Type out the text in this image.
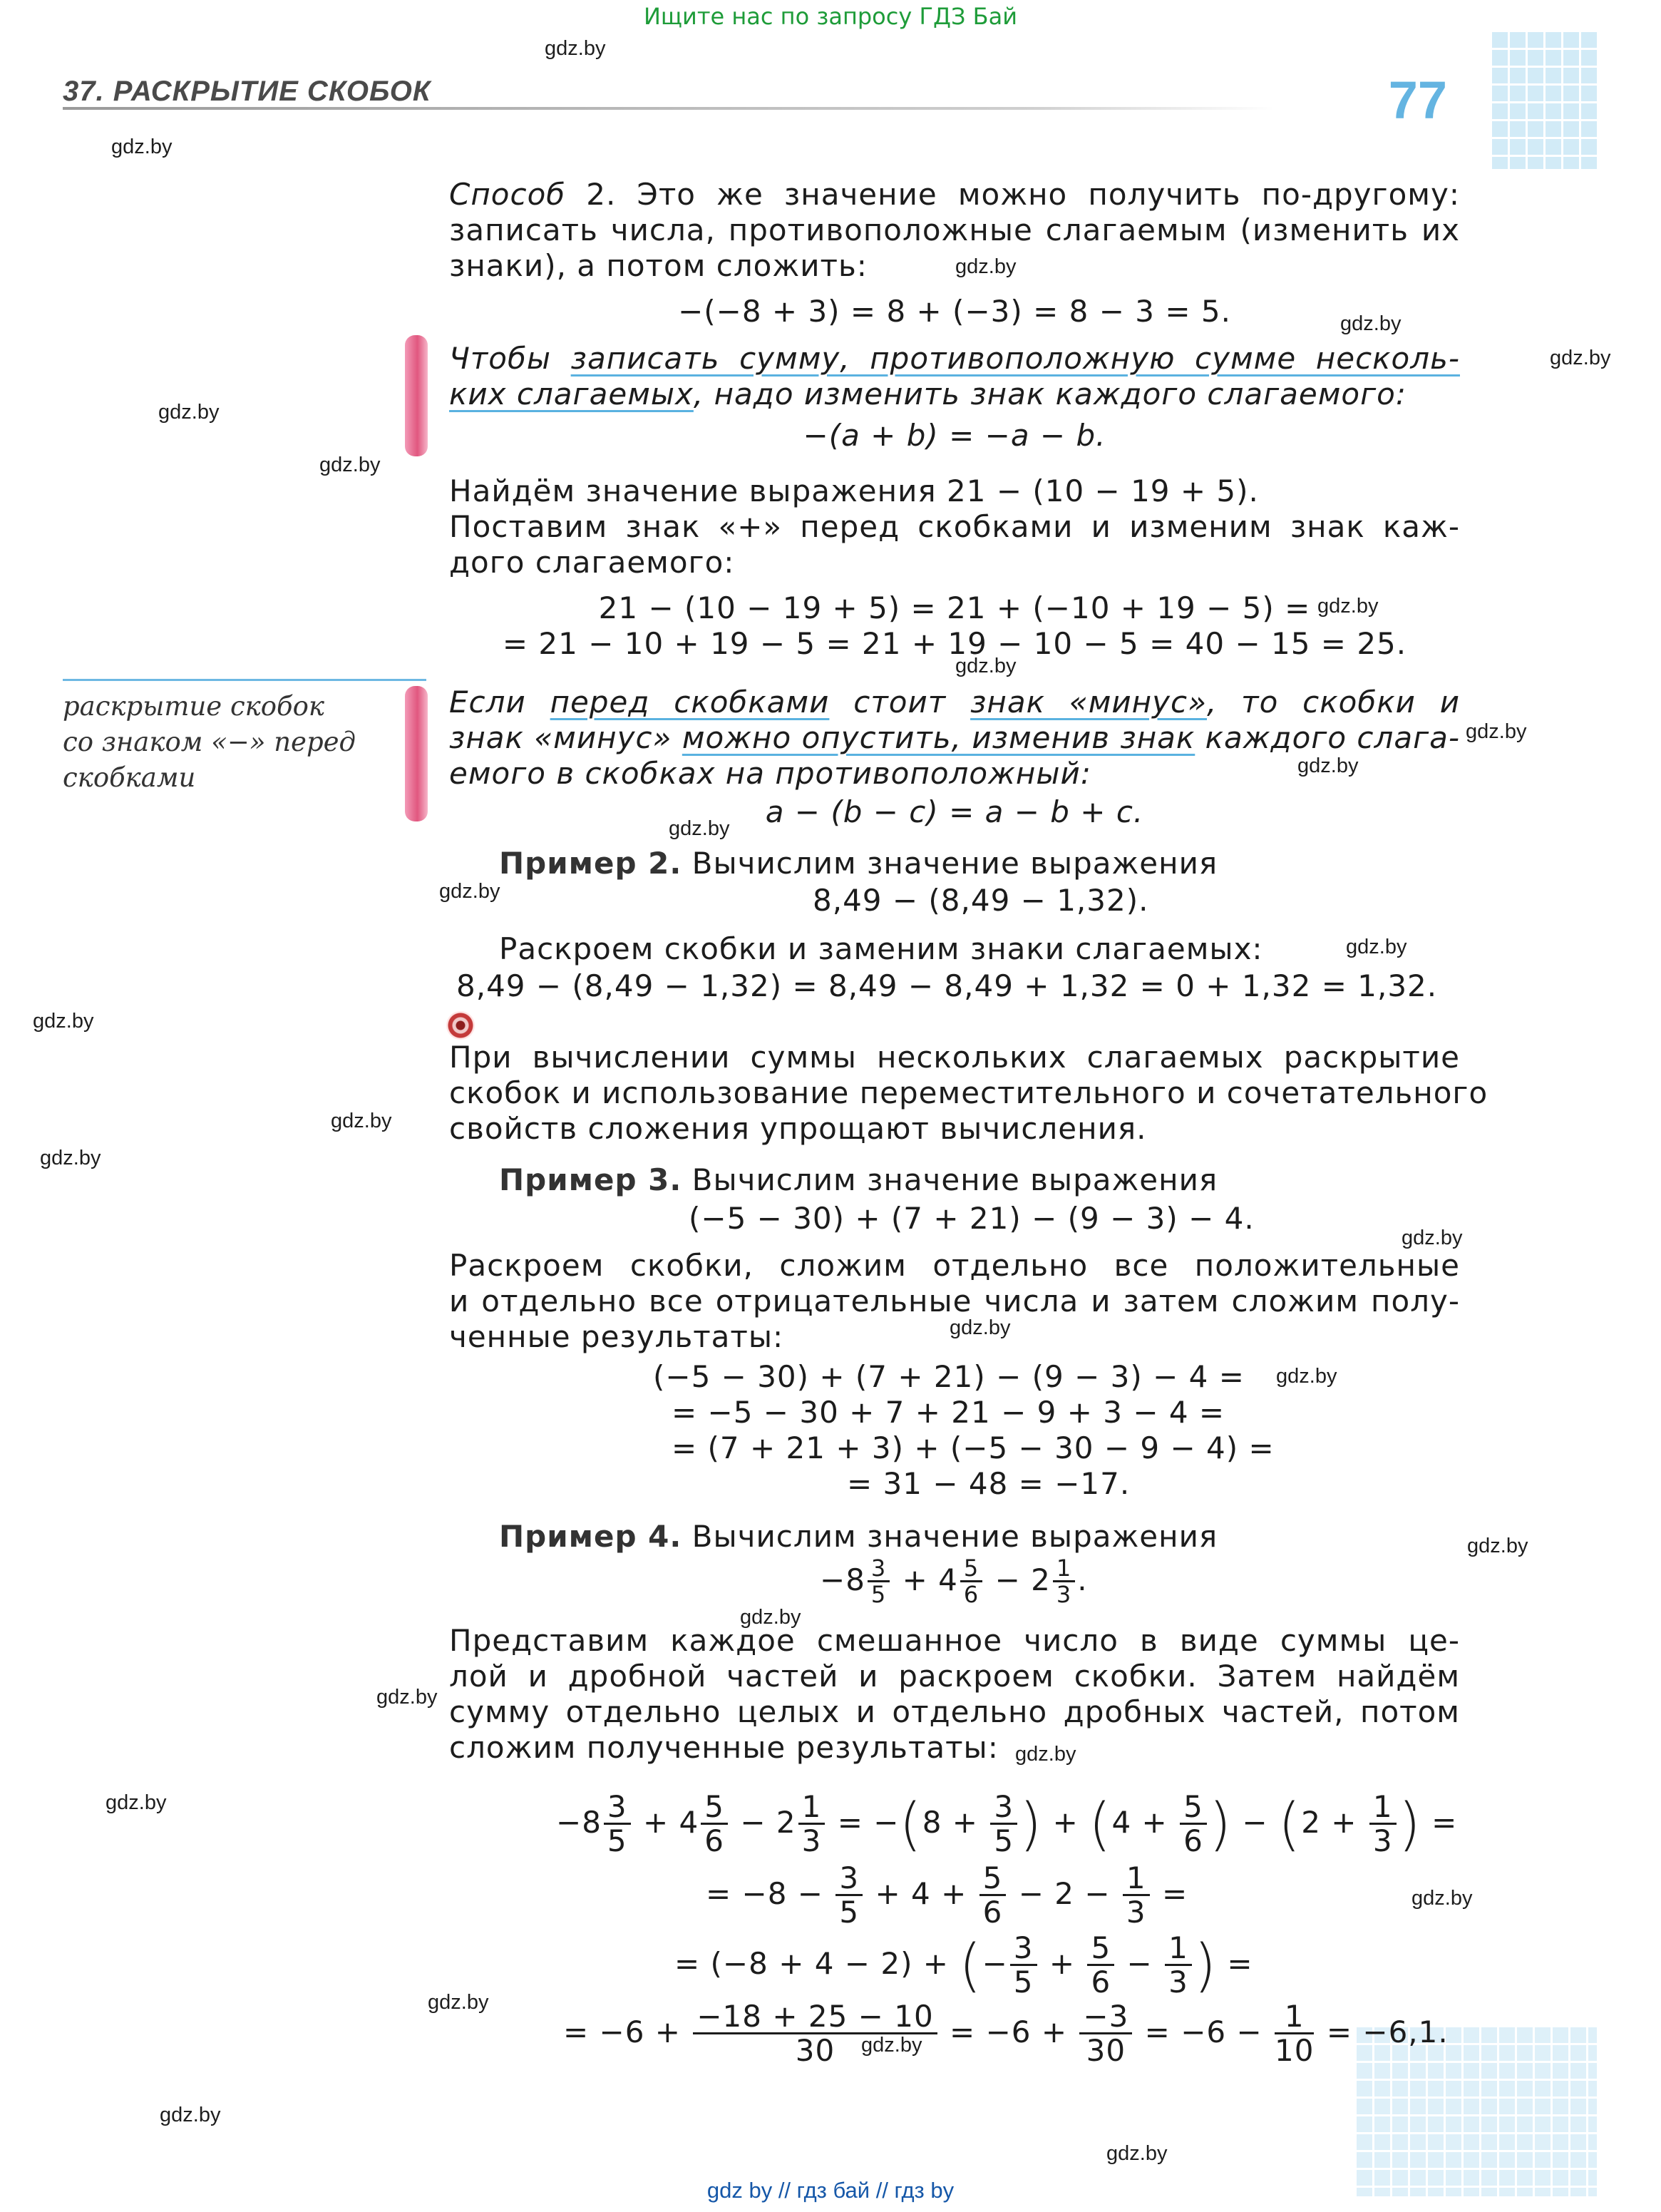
Ищите нас по запросу ГДЗ Бай
37. РАСКРЫТИЕ СКОБОК	77
Способ 2. Это же значение можно получить по-другому:
записать числа, противоположные слагаемым (изменить их
знаки), а потом сложить:
−(−8 + 3) = 8 + (−3) = 8 − 3 = 5.
Чтобы записать сумму, противоположную сумме несколь-
ких слагаемых, надо изменить знак каждого слагаемого:
−(a + b) = −a − b.
Найдём значение выражения 21 − (10 − 19 + 5).
Поставим знак «+» перед скобками и изменим знак каж-
дого слагаемого:
21 − (10 − 19 + 5) = 21 + (−10 + 19 − 5) =
= 21 − 10 + 19 − 5 = 21 + 19 − 10 − 5 = 40 − 15 = 25.
раскрытие скобок
со знаком «−» перед
скобками
Если перед скобками стоит знак «минус», то скобки и
знак «минус» можно опустить, изменив знак каждого слага-
емого в скобках на противоположный:
a − (b − c) = a − b + c.
Пример 2. Вычислим значение выражения
8,49 − (8,49 − 1,32).
Раскроем скобки и заменим знаки слагаемых:
8,49 − (8,49 − 1,32) = 8,49 − 8,49 + 1,32 = 0 + 1,32 = 1,32.
При вычислении суммы нескольких слагаемых раскрытие
скобок и использование переместительного и сочетательного
свойств сложения упрощают вычисления.
Пример 3. Вычислим значение выражения
(−5 − 30) + (7 + 21) − (9 − 3) − 4.
Раскроем скобки, сложим отдельно все положительные
и отдельно все отрицательные числа и затем сложим полу-
ченные результаты:
(−5 − 30) + (7 + 21) − (9 − 3) − 4 =
= −5 − 30 + 7 + 21 − 9 + 3 − 4 =
= (7 + 21 + 3) + (−5 − 30 − 9 − 4) =
= 31 − 48 = −17.
Пример 4. Вычислим значение выражения
$-8 \frac{3}{5} + 4 \frac{5}{6} - 2 \frac{1}{3}$ .
Представим каждое смешанное число в виде суммы це-
лой и дробной частей и раскроем скобки. Затем найдём
сумму отдельно целых и отдельно дробных частей, потом
сложим полученные результаты:
$-8 \frac{3}{5} + 4 \frac{5}{6} - 2 \frac{1}{3} = -(8 + \frac{3}{5}$ ) + ($4 + \frac{5}{6}$ ) − ($2 + \frac{1}{3}$ ) =
= $-8 - \frac{3}{5} + 4 + \frac{5}{6} - 2 - \frac{1}{3}$ =
= (−8 + 4 − 2) + (− $\frac{3}{5} + \frac{5}{6} - \frac{1}{3}$ ) =
= $-6 + \frac{-18 + 25 - 10}{30} = -6 + \frac{-3}{30} = -6 - \frac{1}{10} = -6,1$.
gdz.by
gdz.by
gdz.by
gdz.by
gdz.by
gdz.by
gdz.by
gdz.by
gdz.by
gdz.by
gdz.by
gdz.by
gdz.by
gdz.by
gdz.by
gdz.by
gdz.by
gdz.by
gdz.by
gdz.by
gdz.by
gdz.by
gdz.by
gdz.by
gdz.by
gdz.by
gdz.by
gdz.by
gdz.by
gdz.by
gdz by // гдз бай // гдз by
